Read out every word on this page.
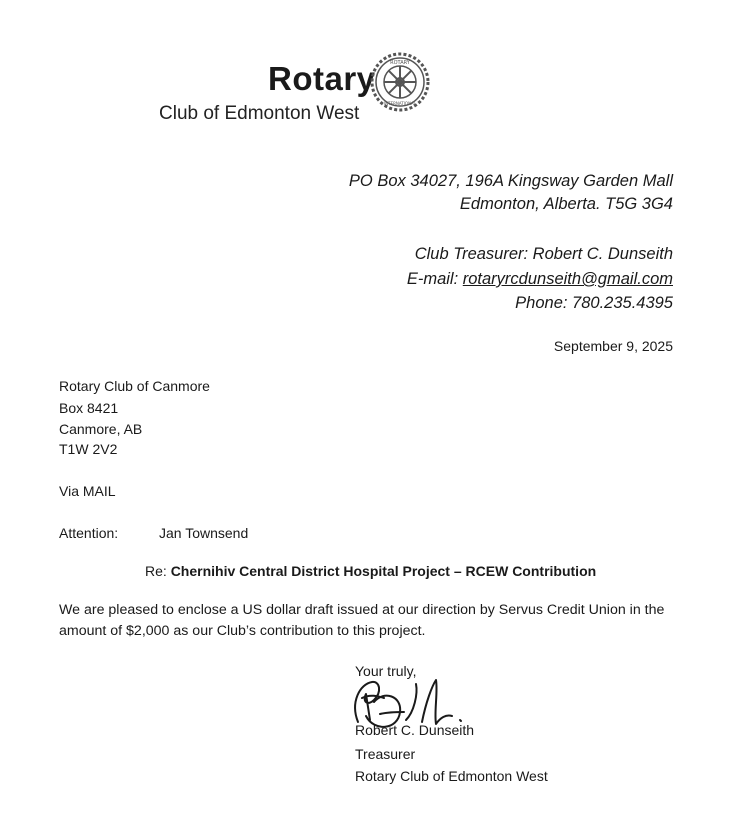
Rotary	ROTARY
INTERNATIONAL
Club of Edmonton West
PO Box 34027, 196A Kingsway Garden Mall
Edmonton, Alberta. T5G 3G4
Club Treasurer: Robert C. Dunseith
E-mail: rotaryrcdunseith@gmail.com
Phone: 780.235.4395
September 9, 2025
Rotary Club of Canmore
Box 8421
Canmore, AB
T1W 2V2
Via MAIL
Attention:	Jan Townsend
Re: Chernihiv Central District Hospital Project – RCEW Contribution
We are pleased to enclose a US dollar draft issued at our direction by Servus Credit Union in the amount of $2,000 as our Club’s contribution to this project.
Your truly,
Robert C. Dunseith
Treasurer
Rotary Club of Edmonton West
